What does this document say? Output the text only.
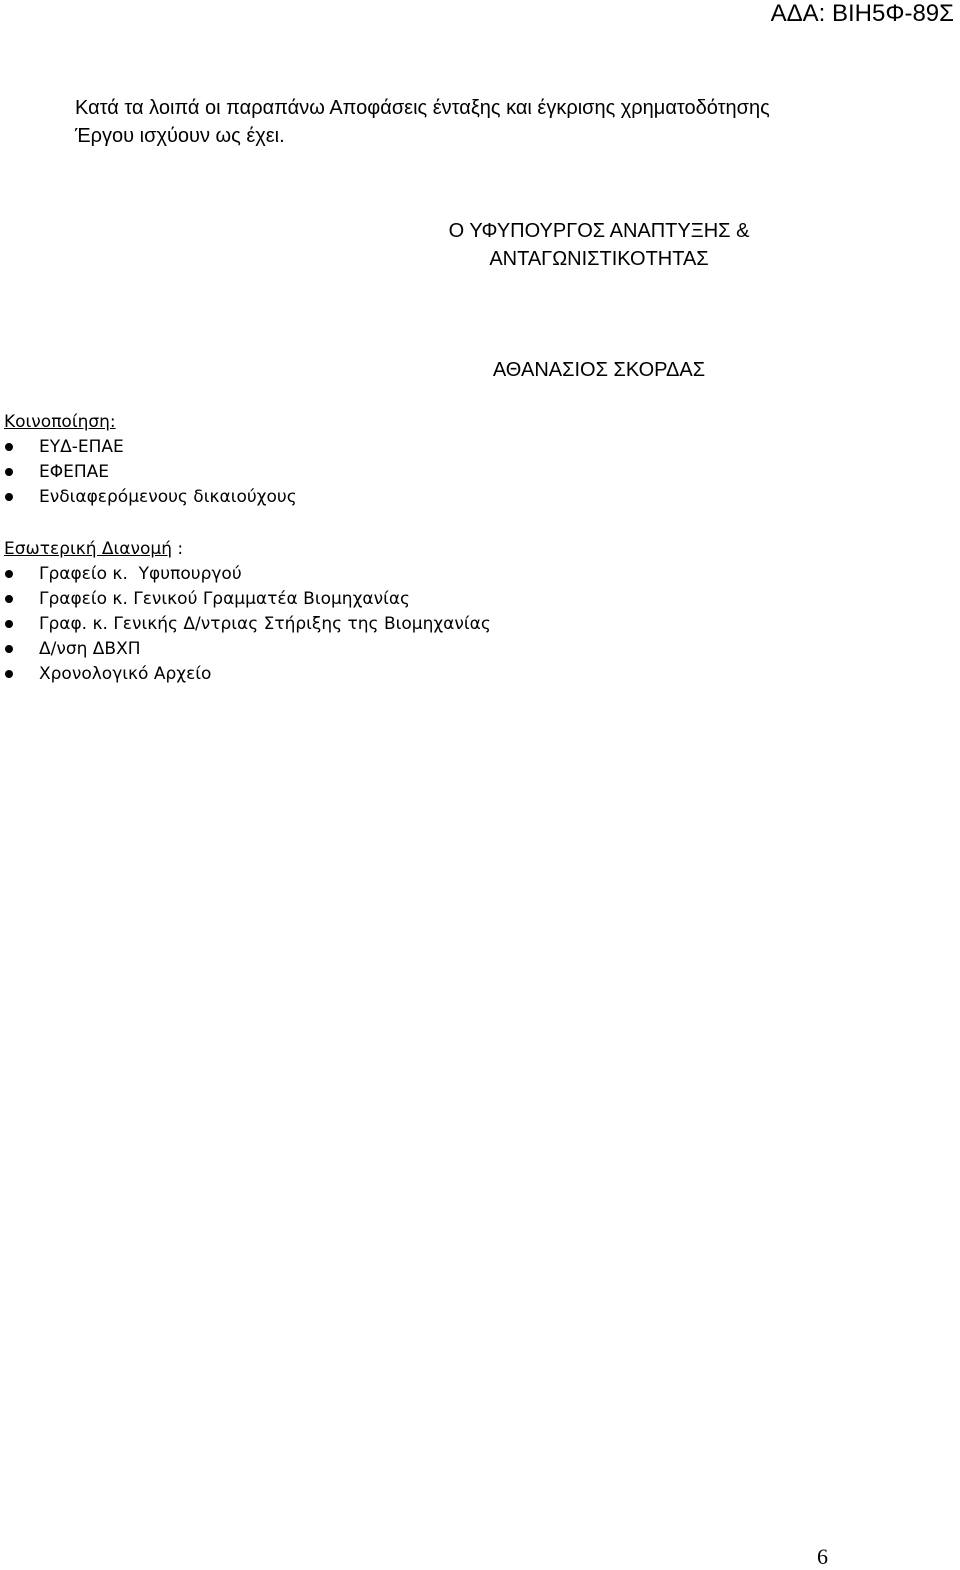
ΑΔΑ: ΒΙΗ5Φ-89Σ
Κατά τα λοιπά οι παραπάνω Αποφάσεις ένταξης και έγκρισης χρηματοδότησης
Έργου ισχύουν ως έχει.
Ο ΥΦΥΠΟΥΡΓΟΣ ΑΝΑΠΤΥΞΗΣ &
ΑΝΤΑΓΩΝΙΣΤΙΚΟΤΗΤΑΣ
ΑΘΑΝΑΣΙΟΣ ΣΚΟΡΔΑΣ
Κοινοποίηση:
ΕΥΔ-ΕΠΑΕ
ΕΦΕΠΑΕ
Ενδιαφερόμενους δικαιούχους
Εσωτερική Διανομή :
Γραφείο κ.  Υφυπουργού
Γραφείο κ. Γενικού Γραμματέα Βιομηχανίας
Γραφ. κ. Γενικής Δ/ντριας Στήριξης της Βιομηχανίας
Δ/νση ΔΒΧΠ
Χρονολογικό Αρχείο
6
